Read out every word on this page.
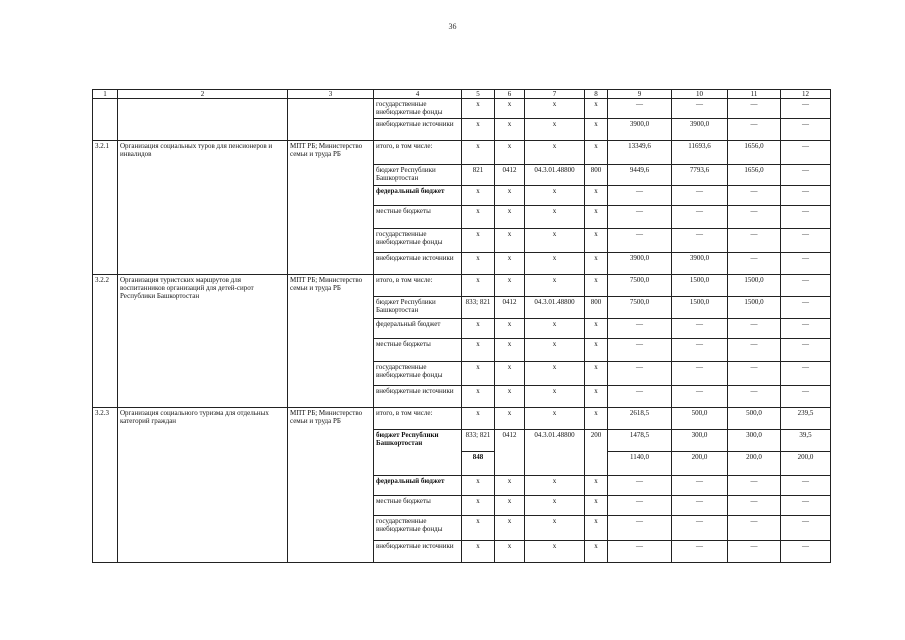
36
1	2	3	4	5	6	7	8	9	10	11	12
			государственные внебюджетные фонды	x	x	x	x	—	—	—	—
			внебюджетные источники	x	x	x	x	3900,0	3900,0	—	—
3.2.1	Организация социальных туров для пенсионеров и инвалидов	МПТ РБ; Министерство семьи и труда РБ	итого, в том числе:	x	x	x	x	13349,6	11693,6	1656,0	—
			бюджет Республики Башкортостан	821	0412	04.3.01.48800	800	9449,6	7793,6	1656,0	—
			федеральный бюджет	x	x	x	x	—	—	—	—
			местные бюджеты	x	x	x	x	—	—	—	—
			государственные внебюджетные фонды	x	x	x	x	—	—	—	—
			внебюджетные источники	x	x	x	x	3900,0	3900,0	—	—
3.2.2	Организация туристских маршрутов для воспитанников организаций для детей-сирот Республики Башкортостан	МПТ РБ; Министерство семьи и труда РБ	итого, в том числе:	x	x	x	x	7500,0	1500,0	1500,0	—
			бюджет Республики Башкортостан	833; 821	0412	04.3.01.48800	800	7500,0	1500,0	1500,0	—
			федеральный бюджет	x	x	x	x	—	—	—	—
			местные бюджеты	x	x	x	x	—	—	—	—
			государственные внебюджетные фонды	x	x	x	x	—	—	—	—
			внебюджетные источники	x	x	x	x	—	—	—	—
3.2.3	Организация социального туризма для отдельных категорий граждан	МПТ РБ; Министерство семьи и труда РБ	итого, в том числе:	x	x	x	x	2618,5	500,0	500,0	239,5
			бюджет Республики Башкортостан	833; 821	0412	04.3.01.48800	200	1478,5	300,0	300,0	39,5
				848				1140,0	200,0	200,0	200,0
			федеральный бюджет	x	x	x	x	—	—	—	—
			местные бюджеты	x	x	x	x	—	—	—	—
			государственные внебюджетные фонды	x	x	x	x	—	—	—	—
			внебюджетные источники	x	x	x	x	—	—	—	—
